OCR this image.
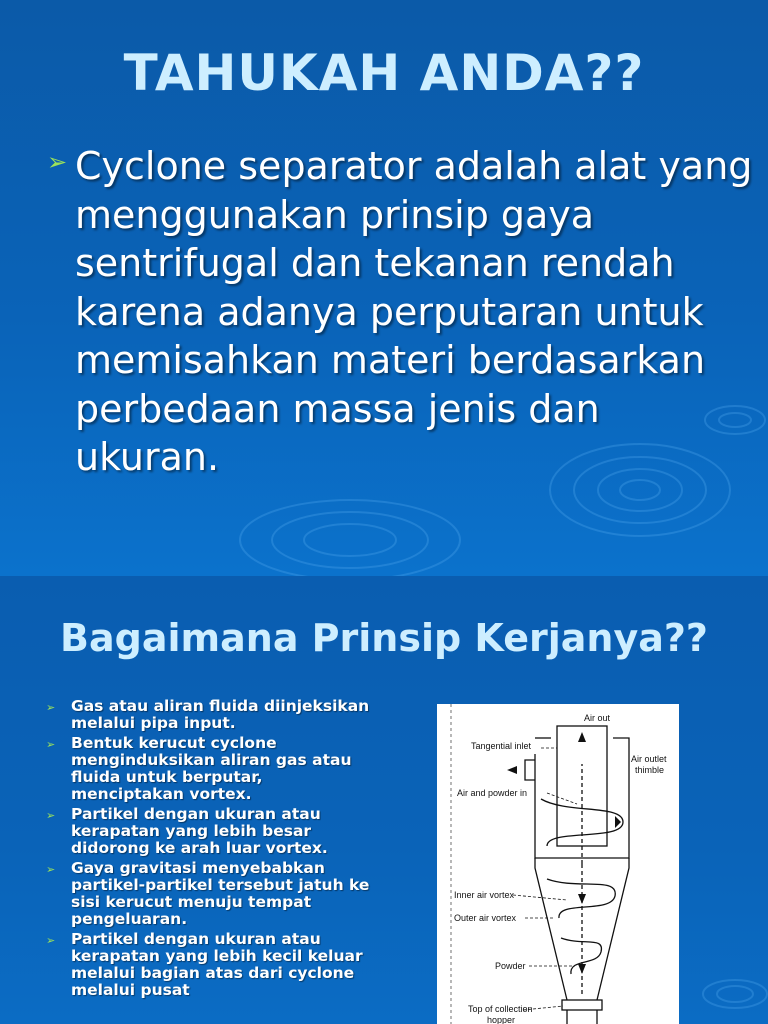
TAHUKAH ANDA??
➢ Cyclone separator adalah alat yang menggunakan prinsip gaya sentrifugal dan tekanan rendah karena adanya perputaran untuk memisahkan materi berdasarkan perbedaan massa jenis dan ukuran.
Bagaimana Prinsip Kerjanya??
➢ Gas atau aliran fluida diinjeksikan melalui pipa input.
➢ Bentuk kerucut cyclone menginduksikan aliran gas atau fluida untuk berputar, menciptakan vortex.
➢ Partikel dengan ukuran atau kerapatan yang lebih besar didorong ke arah luar vortex.
➢ Gaya gravitasi menyebabkan partikel-partikel tersebut jatuh ke sisi kerucut menuju tempat pengeluaran.
➢ Partikel dengan ukuran atau kerapatan yang lebih kecil keluar melalui bagian atas dari cyclone melalui pusat
Air out
Tangential inlet
Air outlet
thimble
Air and powder in
Inner air vortex
Outer air vortex
Powder
Top of collection
hopper
